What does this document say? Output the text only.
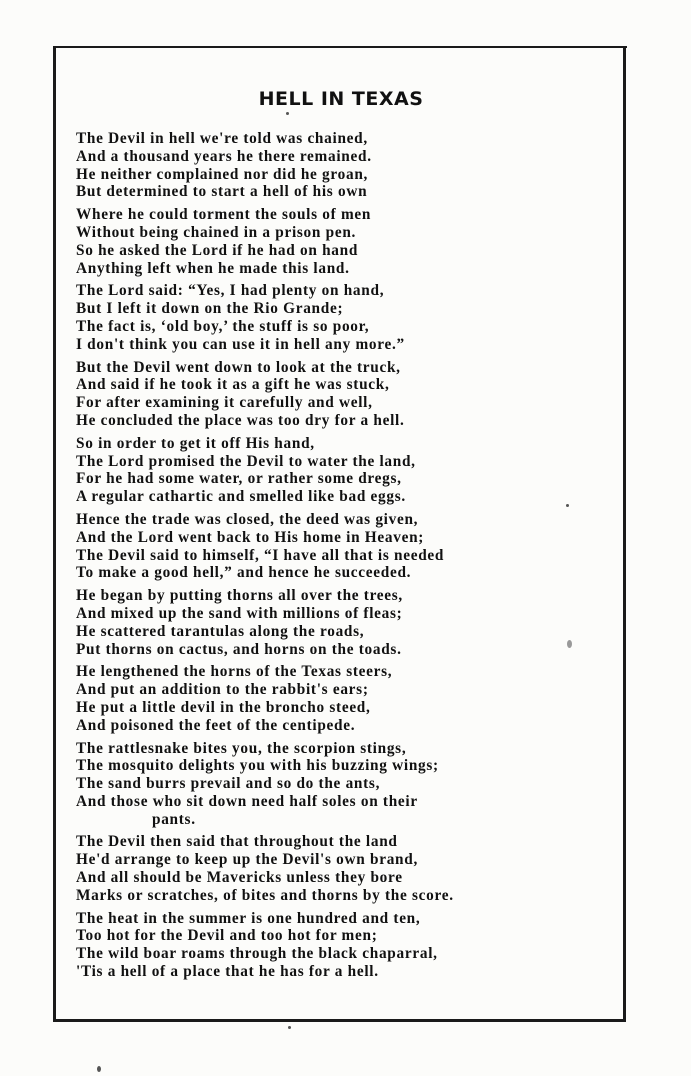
HELL IN TEXAS
The Devil in hell we're told was chained,
And a thousand years he there remained.
He neither complained nor did he groan,
But determined to start a hell of his own
Where he could torment the souls of men
Without being chained in a prison pen.
So he asked the Lord if he had on hand
Anything left when he made this land.
The Lord said: “Yes, I had plenty on hand,
But I left it down on the Rio Grande;
The fact is, ‘old boy,’ the stuff is so poor,
I don't think you can use it in hell any more.”
But the Devil went down to look at the truck,
And said if he took it as a gift he was stuck,
For after examining it carefully and well,
He concluded the place was too dry for a hell.
So in order to get it off His hand,
The Lord promised the Devil to water the land,
For he had some water, or rather some dregs,
A regular cathartic and smelled like bad eggs.
Hence the trade was closed, the deed was given,
And the Lord went back to His home in Heaven;
The Devil said to himself, “I have all that is needed
To make a good hell,” and hence he succeeded.
He began by putting thorns all over the trees,
And mixed up the sand with millions of fleas;
He scattered tarantulas along the roads,
Put thorns on cactus, and horns on the toads.
He lengthened the horns of the Texas steers,
And put an addition to the rabbit's ears;
He put a little devil in the broncho steed,
And poisoned the feet of the centipede.
The rattlesnake bites you, the scorpion stings,
The mosquito delights you with his buzzing wings;
The sand burrs prevail and so do the ants,
And those who sit down need half soles on their
pants.
The Devil then said that throughout the land
He'd arrange to keep up the Devil's own brand,
And all should be Mavericks unless they bore
Marks or scratches, of bites and thorns by the score.
The heat in the summer is one hundred and ten,
Too hot for the Devil and too hot for men;
The wild boar roams through the black chaparral,
'Tis a hell of a place that he has for a hell.
